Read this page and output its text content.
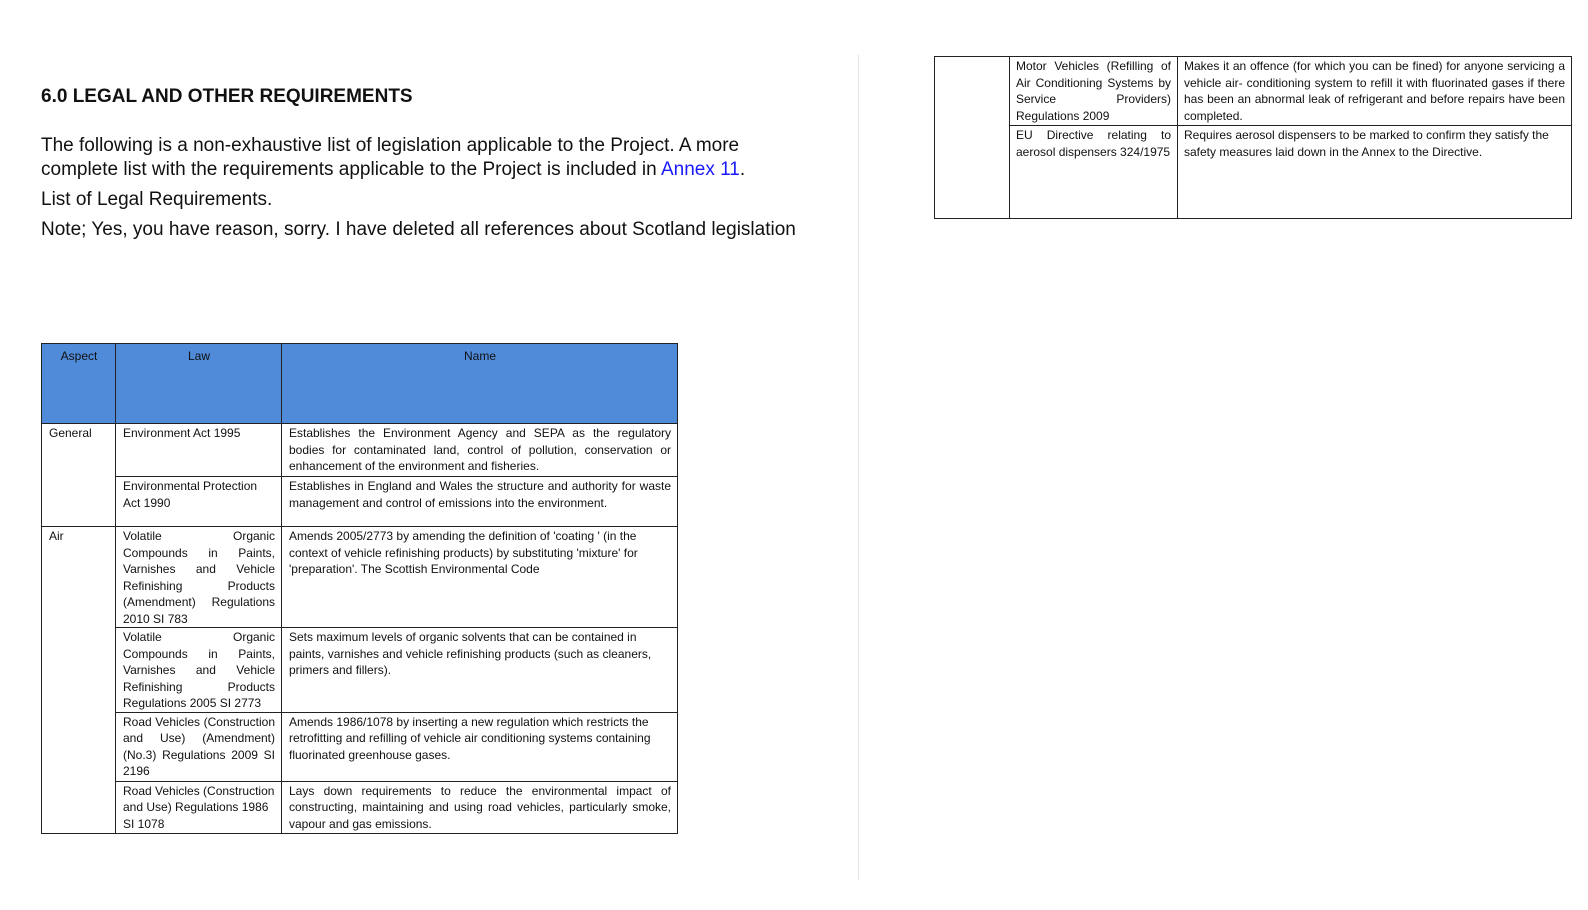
6.0 LEGAL AND OTHER REQUIREMENTS

The following is a non-exhaustive list of legislation applicable to the Project. A more complete list with the requirements applicable to the Project is included in Annex 11.

List of Legal Requirements.

Note; Yes, you have reason, sorry. I have deleted all references about Scotland legislation

Aspect	Law	Name
General	Environment Act 1995	Establishes the Environment Agency and SEPA as the regulatory bodies for contaminated land, control of pollution, conservation or enhancement of the environment and fisheries.
	Environmental Protection Act 1990	Establishes in England and Wales the structure and authority for waste management and control of emissions into the environment.
Air	Volatile Organic Compounds in Paints, Varnishes and Vehicle Refinishing Products (Amendment) Regulations 2010 SI 783	Amends 2005/2773 by amending the definition of 'coating ' (in the context of vehicle refinishing products) by substituting 'mixture' for 'preparation'. The Scottish Environmental Code
	Volatile Organic Compounds in Paints, Varnishes and Vehicle Refinishing Products Regulations 2005 SI 2773	Sets maximum levels of organic solvents that can be contained in paints, varnishes and vehicle refinishing products (such as cleaners, primers and fillers).
	Road Vehicles (Construction and Use) (Amendment) (No.3) Regulations 2009 SI 2196	Amends 1986/1078 by inserting a new regulation which restricts the retrofitting and refilling of vehicle air conditioning systems containing fluorinated greenhouse gases.
	Road Vehicles (Construction and Use) Regulations 1986 SI 1078	Lays down requirements to reduce the environmental impact of constructing, maintaining and using road vehicles, particularly smoke, vapour and gas emissions.
	Motor Vehicles (Refilling of Air Conditioning Systems by Service Providers) Regulations 2009	Makes it an offence (for which you can be fined) for anyone servicing a vehicle air- conditioning system to refill it with fluorinated gases if there has been an abnormal leak of refrigerant and before repairs have been completed.
	EU Directive relating to aerosol dispensers 324/1975	Requires aerosol dispensers to be marked to confirm they satisfy the safety measures laid down in the Annex to the Directive.
